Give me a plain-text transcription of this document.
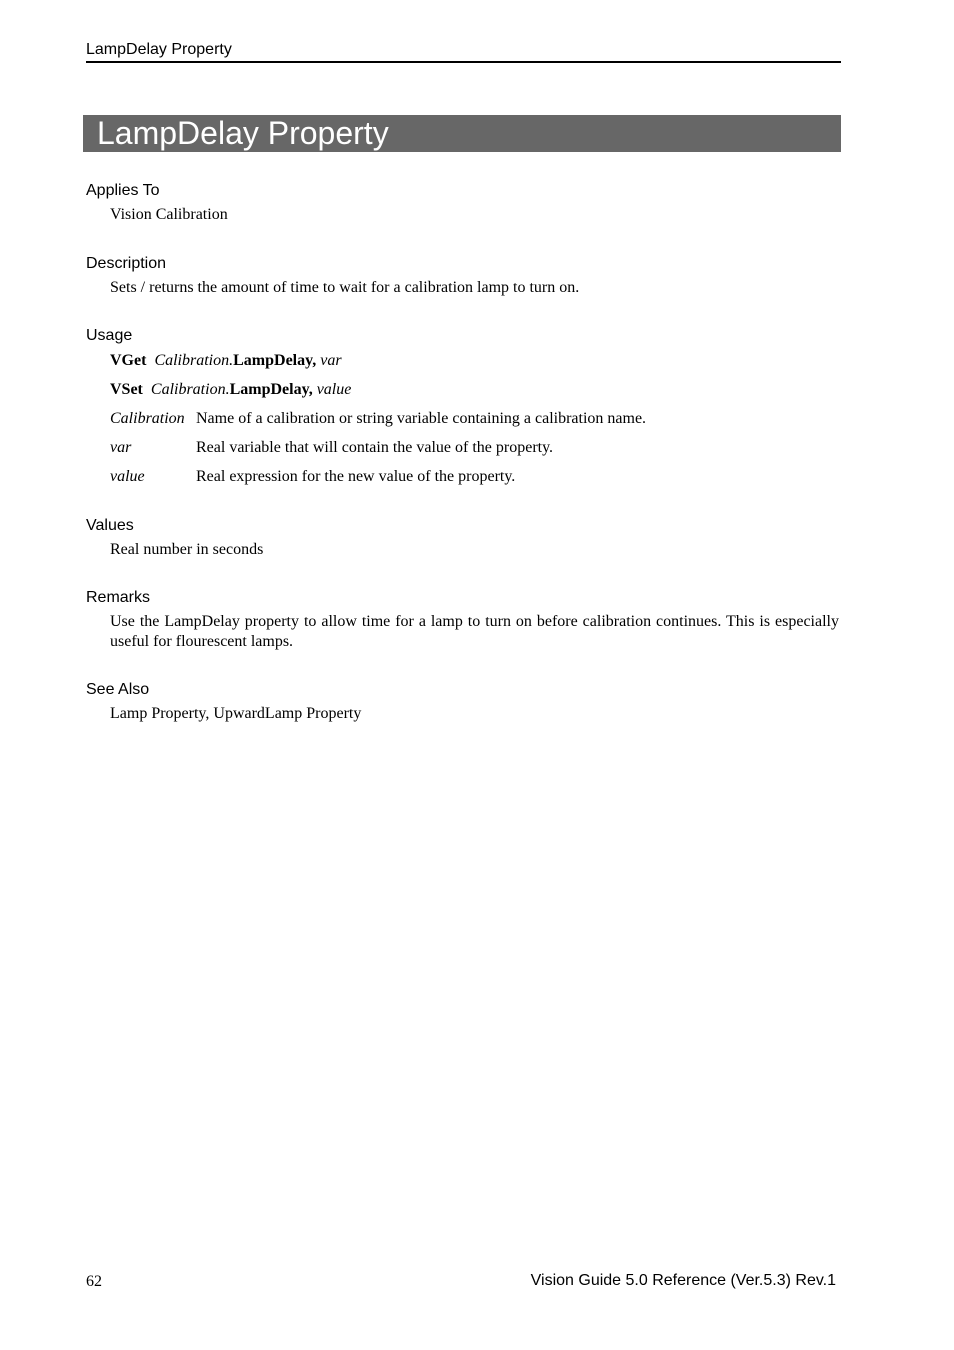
LampDelay Property
LampDelay Property
Applies To
Vision Calibration
Description
Sets / returns the amount of time to wait for a calibration lamp to turn on.
Usage
VGet Calibration.LampDelay, var
VSet Calibration.LampDelay, value
Calibration Name of a calibration or string variable containing a calibration name.
var	Real variable that will contain the value of the property.
value	Real expression for the new value of the property.
Values
Real number in seconds
Remarks
Use the LampDelay property to allow time for a lamp to turn on before calibration continues. This is especially useful for flourescent lamps.
See Also
Lamp Property, UpwardLamp Property
62	Vision Guide 5.0 Reference (Ver.5.3) Rev.1
